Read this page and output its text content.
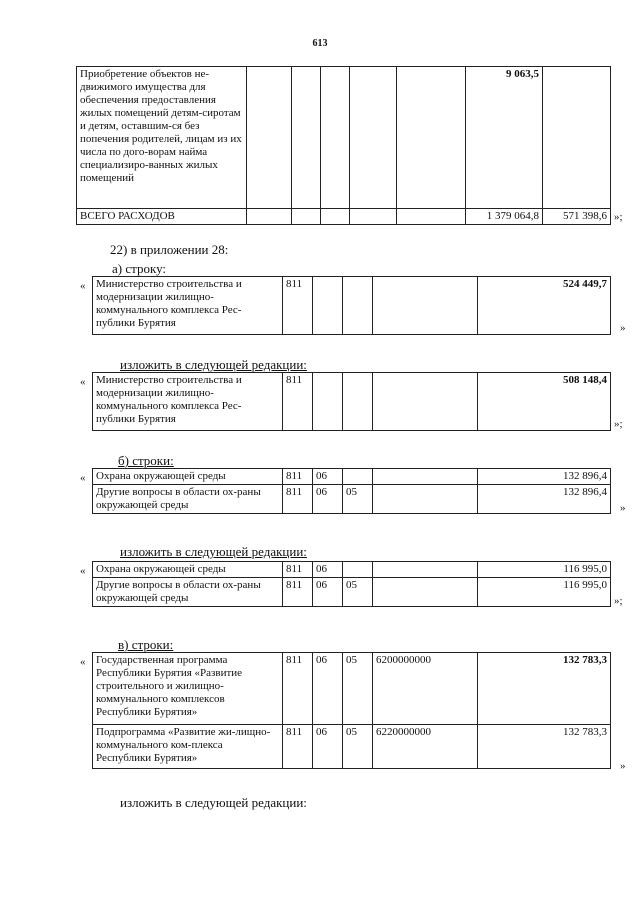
613
Приобретение объектов не-движимого имущества для обеспечения предоставления жилых помещений детям-сиротам и детям, оставшим-ся без попечения родителей, лицам из их числа по дого-ворам найма специализиро-ванных жилых помещений						9 063,5	
ВСЕГО РАСХОДОВ						1 379 064,8	571 398,6 »;
22) в приложении 28:
а) строку:
« Министерство строительства и модернизации жилищно-коммунального комплекса Рес-публики Бурятия	811				524 449,7
»
изложить в следующей редакции:
« Министерство строительства и модернизации жилищно-коммунального комплекса Рес-публики Бурятия	811				508 148,4
»;
б) строки:
« Охрана окружающей среды	811	06			132 896,4
Другие вопросы в области ох-раны окружающей среды	811	06	05		132 896,4
»
изложить в следующей редакции:
« Охрана окружающей среды	811	06			116 995,0
Другие вопросы в области ох-раны окружающей среды	811	06	05		116 995,0
»;
в) строки:
« Государственная программа Республики Бурятия «Развитие строительного и жилищно-коммунального комплексов Республики Бурятия»	811	06	05	6200000000	132 783,3
Подпрограмма «Развитие жи-лищно-коммунального ком-плекса Республики Бурятия»	811	06	05	6220000000	132 783,3
»
изложить в следующей редакции:
